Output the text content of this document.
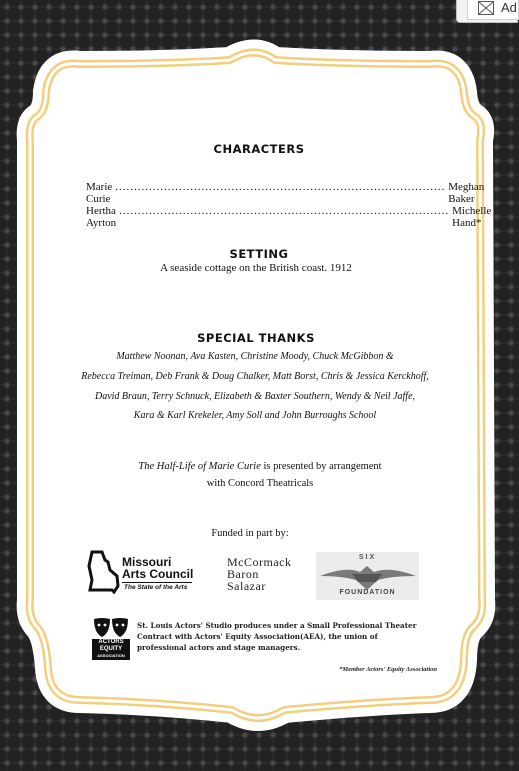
Ad
CHARACTERS
Marie Curie
........................................................................................ Meghan Baker
Hertha Ayrton
........................................................................................ Michelle Hand*
SETTING
A seaside cottage on the British coast. 1912
SPECIAL THANKS
Matthew Noonan, Ava Kasten, Christine Moody, Chuck McGibbon &
Rebecca Treiman, Deb Frank & Doug Chalker, Matt Borst, Chris & Jessica Kerckhoff,
David Braun, Terry Schnuck, Elizabeth & Baxter Southern, Wendy & Neil Jaffe,
Kara & Karl Krekeler, Amy Soll and John Burroughs School
The Half-Life of Marie Curie is presented by arrangement
with Concord Theatricals
Funded in part by:
Missouri
Arts Council
The State of the Arts
McCormack
Baron
Salazar
SIX
FOUNDATION
ACTORS
EQUITY
ASSOCIATION
St. Louis Actors' Studio produces under a Small Professional Theater Contract with Actors' Equity Association(AEA), the union of professional actors and stage managers.
*Member Actors' Equity Association
